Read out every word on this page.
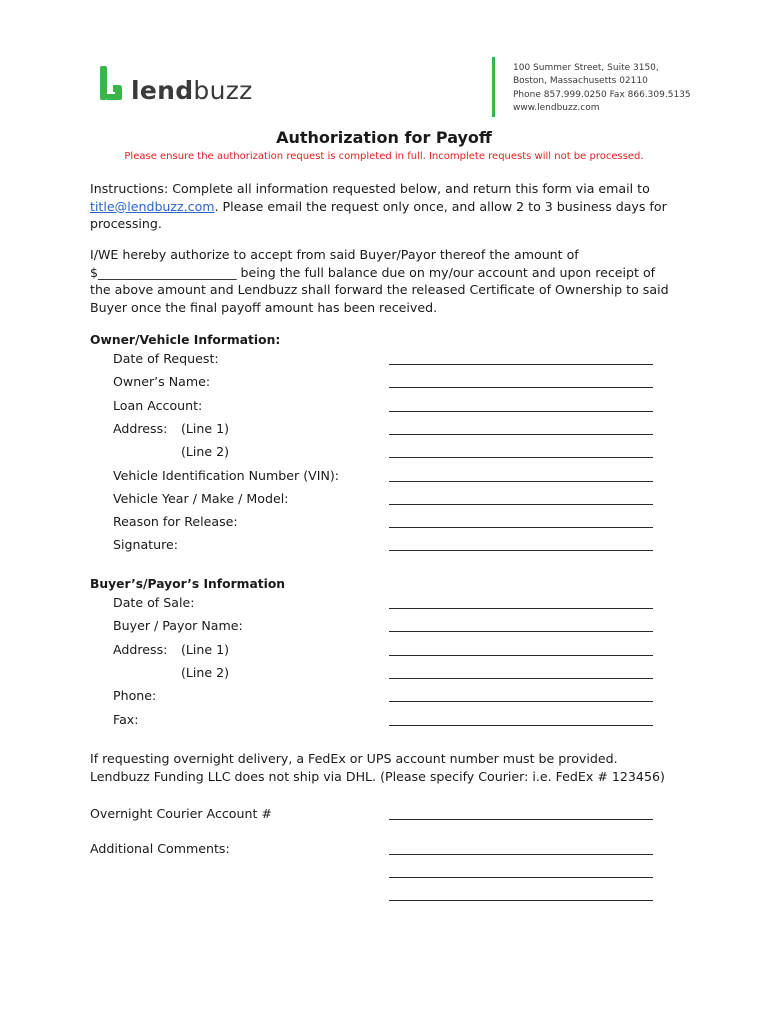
lendbuzz
100 Summer Street, Suite 3150,
Boston, Massachusetts 02110
Phone 857.999.0250 Fax 866.309.5135
www.lendbuzz.com
Authorization for Payoff
Please ensure the authorization request is completed in full. Incomplete requests will not be processed.
Instructions: Complete all information requested below, and return this form via email to
title@lendbuzz.com. Please email the request only once, and allow 2 to 3 business days for
processing.
I/WE hereby authorize to accept from said Buyer/Payor thereof the amount of
$______________________ being the full balance due on my/our account and upon receipt of
the above amount and Lendbuzz shall forward the released Certificate of Ownership to said
Buyer once the final payoff amount has been received.
Owner/Vehicle Information:
Date of Request:
Owner’s Name:
Loan Account:
Address: (Line 1)
(Line 2)
Vehicle Identification Number (VIN):
Vehicle Year / Make / Model:
Reason for Release:
Signature:
Buyer’s/Payor’s Information
Date of Sale:
Buyer / Payor Name:
Address: (Line 1)
(Line 2)
Phone:
Fax:
If requesting overnight delivery, a FedEx or UPS account number must be provided.
Lendbuzz Funding LLC does not ship via DHL. (Please specify Courier: i.e. FedEx # 123456)
Overnight Courier Account #
Additional Comments:
